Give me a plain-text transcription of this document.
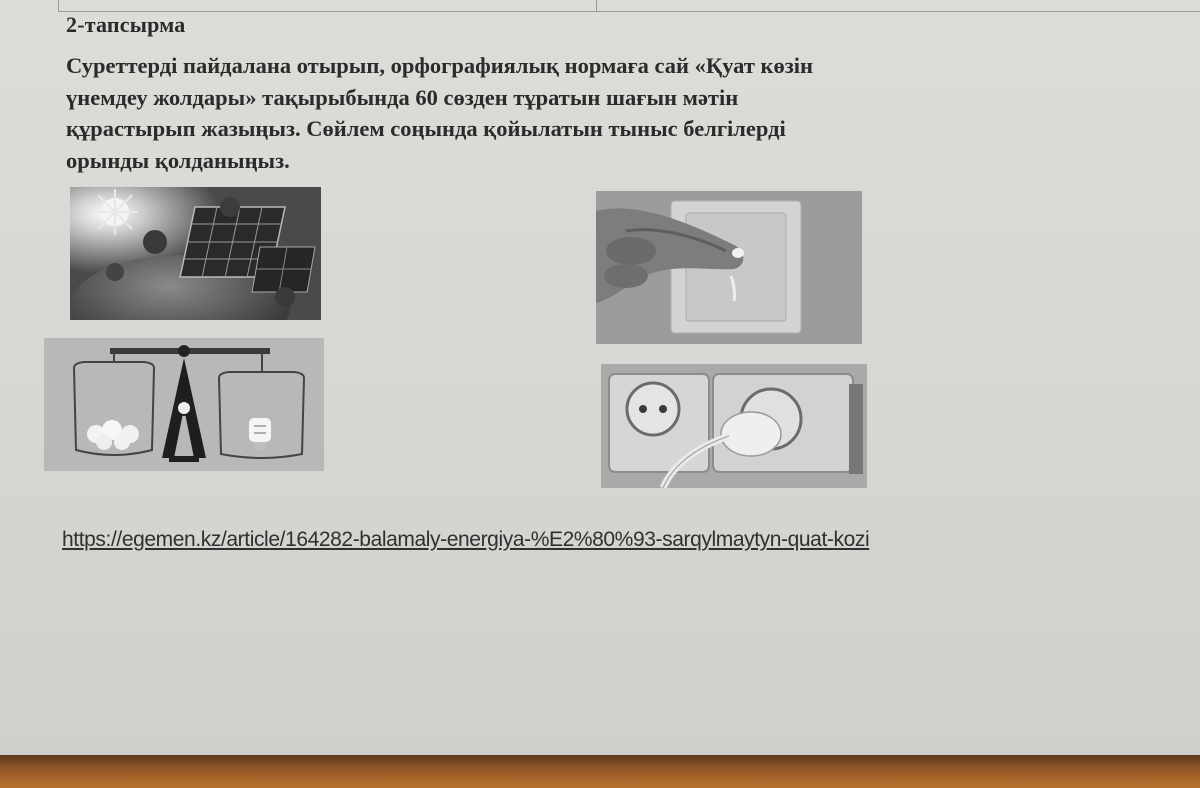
2-тапсырма
Суреттерді пайдалана отырып, орфографиялық нормаға сай «Қуат көзін
үнемдеу жолдары» тақырыбында 60 сөзден тұратын шағын мәтін
құрастырып жазыңыз. Сөйлем соңында қойылатын тыныс белгілерді
орынды қолданыңыз.
https://egemen.kz/article/164282-balamaly-energiya-%E2%80%93-sarqylmaytyn-quat-kozi
